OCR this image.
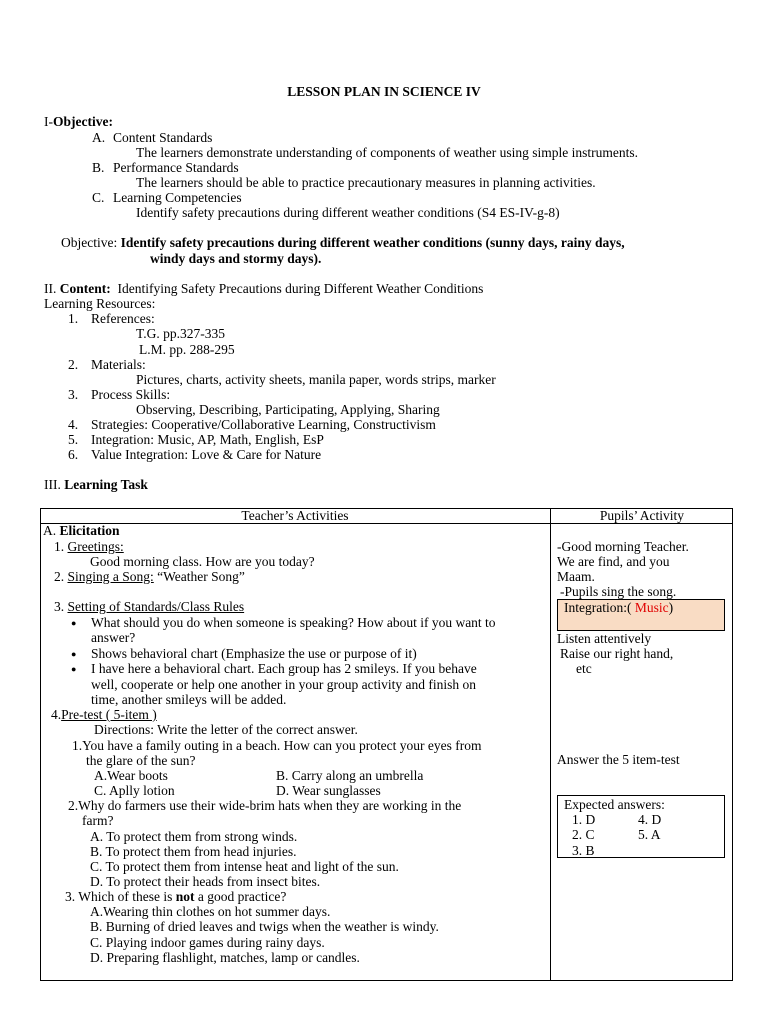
LESSON PLAN IN SCIENCE IV
I-Objective:
A. Content Standards
The learners demonstrate understanding of components of weather using simple instruments.
B. Performance Standards
The learners should be able to practice precautionary measures in planning activities.
C. Learning Competencies
Identify safety precautions during different weather conditions (S4 ES-IV-g-8)
Objective: Identify safety precautions during different weather conditions (sunny days, rainy days,
windy days and stormy days).
II. Content: Identifying Safety Precautions during Different Weather Conditions
Learning Resources:
1. References:
T.G. pp.327-335
L.M. pp. 288-295
2. Materials:
Pictures, charts, activity sheets, manila paper, words strips, marker
3. Process Skills:
Observing, Describing, Participating, Applying, Sharing
4. Strategies: Cooperative/Collaborative Learning, Constructivism
5. Integration: Music, AP, Math, English, EsP
6. Value Integration: Love & Care for Nature
III. Learning Task
Teacher’s Activities	Pupils’ Activity
A. Elicitation
1. Greetings:
Good morning class. How are you today?
2. Singing a Song: “Weather Song”
3. Setting of Standards/Class Rules
● What should you do when someone is speaking? How about if you want to
answer?
● Shows behavioral chart (Emphasize the use or purpose of it)
● I have here a behavioral chart. Each group has 2 smileys. If you behave
well, cooperate or help one another in your group activity and finish on
time, another smileys will be added.
4.Pre-test ( 5-item )
Directions: Write the letter of the correct answer.
1.You have a family outing in a beach. How can you protect your eyes from
the glare of the sun?
A.Wear boots	B. Carry along an umbrella
C. Aplly lotion	D. Wear sunglasses
2.Why do farmers use their wide-brim hats when they are working in the
farm?
A. To protect them from strong winds.
B. To protect them from head injuries.
C. To protect them from intense heat and light of the sun.
D. To protect their heads from insect bites.
3. Which of these is not a good practice?
A.Wearing thin clothes on hot summer days.
B. Burning of dried leaves and twigs when the weather is windy.
C. Playing indoor games during rainy days.
D. Preparing flashlight, matches, lamp or candles.
-Good morning Teacher.
We are find, and you
Maam.
-Pupils sing the song.
Integration:( Music)
Listen attentively
Raise our right hand,
etc
Answer the 5 item-test
Expected answers:
1. D	4. D
2. C	5. A
3. B
